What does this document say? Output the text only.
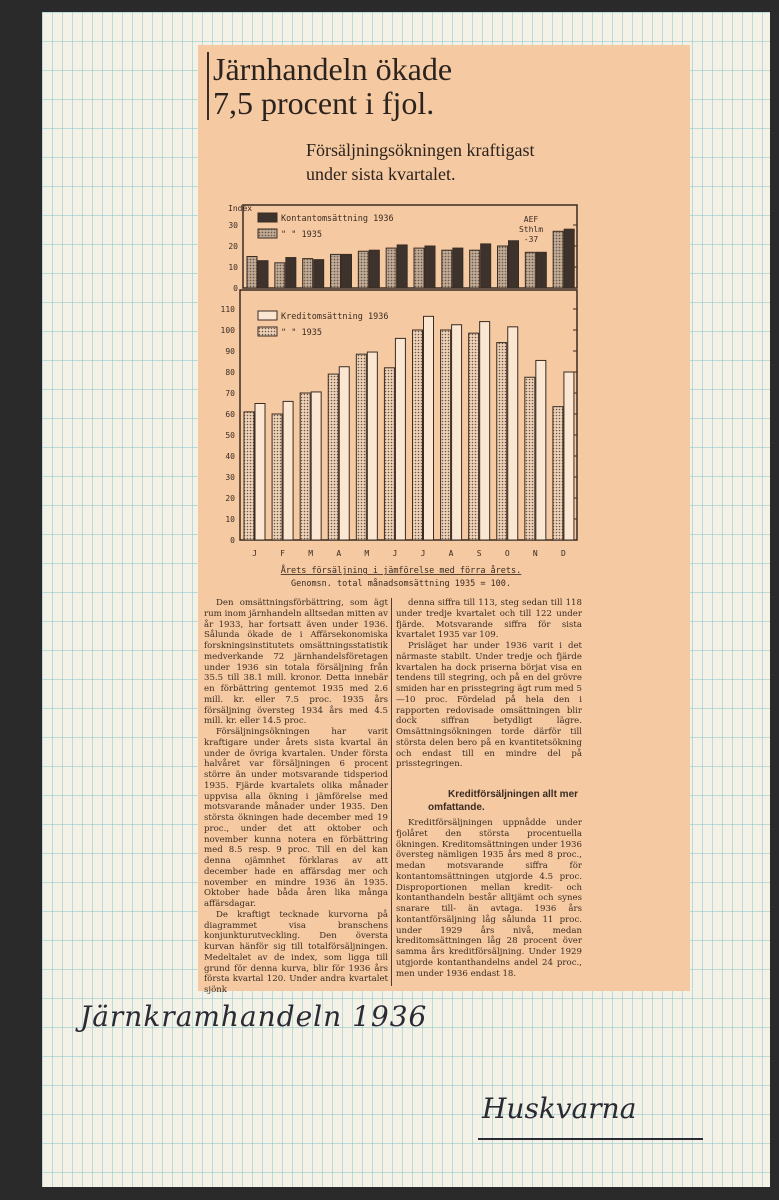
Järnhandeln ökade
7,5 procent i fjol.
Försäljningsökningen kraftigast
under sista kvartalet.
0
10
20
30
Kontantomsättning 1936
" " 1935
Index
AEF
Sthlm
-37
0
10
20
30
40
50
60
70
80
90
100
110
Kreditomsättning 1936
" " 1935
J	F	M	A	M	J	J	A	S	O	N	D
Årets försäljning i jämförelse med förra årets.
Genomsn. total månadsomsättning 1935 = 100.

Den omsättningsförbättring, som ägt rum inom järnhandeln alltsedan mitten av år 1933, har fortsatt även under 1936. Sålunda ökade de i Affärsekonomiska forskningsinstitutets omsättningsstatistik medverkande 72 järnhandelsföretagen under 1936 sin totala försäljning från 35.5 till 38.1 mill. kronor. Detta innebär en förbättring gentemot 1935 med 2.6 mill. kr. eller 7.5 proc. 1935 års försäljning översteg 1934 års med 4.5 mill. kr. eller 14.5 proc.

Försäljningsökningen har varit kraftigare under årets sista kvartal än under de övriga kvartalen. Under första halvåret var försäljningen 6 procent större än under motsvarande tidsperiod 1935. Fjärde kvartalets olika månader uppvisa alla ökning i jämförelse med motsvarande månader under 1935. Den största ökningen hade december med 19 proc., under det att oktober och november kunna notera en förbättring med 8.5 resp. 9 proc. Till en del kan denna ojämnhet förklaras av att december hade en affärsdag mer och november en mindre 1936 än 1935. Oktober hade båda åren lika många affärsdagar.

De kraftigt tecknade kurvorna på diagrammet visa branschens konjunkturutveckling. Den översta kurvan hänför sig till totalförsäljningen. Medeltalet av de index, som ligga till grund för denna kurva, blir för 1936 års första kvartal 120. Under andra kvartalet sjönk

denna siffra till 113, steg sedan till 118 under tredje kvartalet och till 122 under fjärde. Motsvarande siffra för sista kvartalet 1935 var 109.

Prisläget har under 1936 varit i det närmaste stabilt. Under tredje och fjärde kvartalen ha dock priserna börjat visa en tendens till stegring, och på en del grövre smiden har en prisstegring ägt rum med 5—10 proc. Fördelad på hela den i rapporten redovisade omsättningen blir dock siffran betydligt lägre. Omsättningsökningen torde därför till största delen bero på en kvantitetsökning och endast till en mindre del på prisstegringen.

Kreditförsäljningen allt mer omfattande.

Kreditförsäljningen uppnådde under fjolåret den största procentuella ökningen. Kreditomsättningen under 1936 översteg nämligen 1935 års med 8 proc., medan motsvarande siffra för kontantomsättningen utgjorde 4.5 proc. Disproportionen mellan kredit- och kontanthandeln består alltjämt och synes snarare till- än avtaga. 1936 års kontantförsäljning låg sålunda 11 proc. under 1929 års nivå, medan kreditomsättningen låg 28 procent över samma års kreditförsäljning. Under 1929 utgjorde kontanthandelns andel 24 proc., men under 1936 endast 18.

Järnkramhandeln 1936
Huskvarna
